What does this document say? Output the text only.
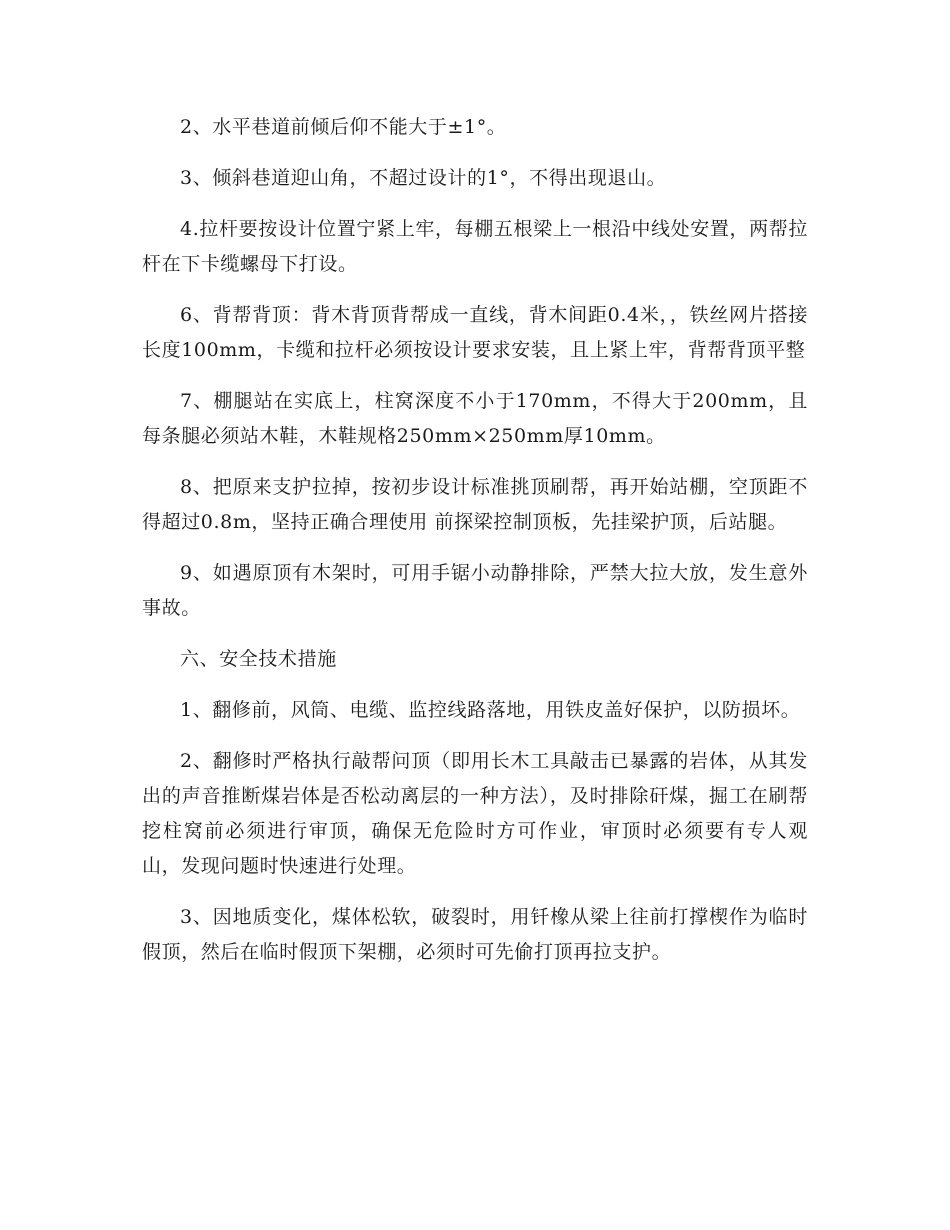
2、水平巷道前倾后仰不能大于±1°。

3、倾斜巷道迎山角，不超过设计的1°，不得出现退山。

4.拉杆要按设计位置宁紧上牢，每棚五根梁上一根沿中线处安置，两帮拉杆在下卡缆螺母下打设。

6、背帮背顶：背木背顶背帮成一直线，背木间距0.4米，，铁丝网片搭接长度100mm，卡缆和拉杆必须按设计要求安装，且上紧上牢，背帮背顶平整

7、棚腿站在实底上，柱窝深度不小于170mm，不得大于200mm，且每条腿必须站木鞋，木鞋规格250mm×250mm厚10mm。

8、把原来支护拉掉，按初步设计标准挑顶刷帮，再开始站棚，空顶距不得超过0.8m，坚持正确合理使用 前探梁控制顶板，先挂梁护顶，后站腿。

9、如遇原顶有木架时，可用手锯小动静排除，严禁大拉大放，发生意外事故。

六、安全技术措施

1、翻修前，风筒、电缆、监控线路落地，用铁皮盖好保护，以防损坏。

2、翻修时严格执行敲帮问顶（即用长木工具敲击已暴露的岩体，从其发出的声音推断煤岩体是否松动离层的一种方法），及时排除矸煤，掘工在刷帮挖柱窝前必须进行审顶，确保无危险时方可作业，审顶时必须要有专人观山，发现问题时快速进行处理。

3、因地质变化，煤体松软，破裂时，用钎橡从梁上往前打撑楔作为临时假顶，然后在临时假顶下架棚，必须时可先偷打顶再拉支护。
